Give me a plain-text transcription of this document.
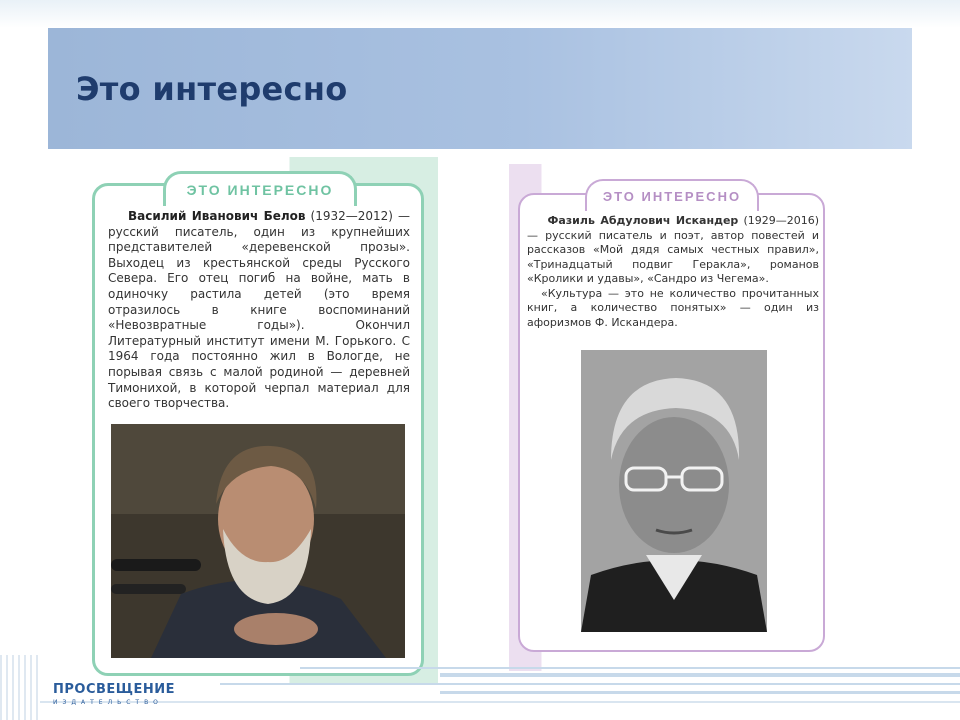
Это интересно
ЭТО ИНТЕРЕСНО

Василий Иванович Белов (1932—2012) — русский писатель, один из крупнейших представителей «деревенской прозы». Выходец из крестьянской среды Русского Севера. Его отец погиб на войне, мать в одиночку растила детей (это время отразилось в книге воспоминаний «Невозвратные годы»). Окончил Литературный институт имени М. Горького. С 1964 года постоянно жил в Вологде, не порывая связь с малой родиной — деревней Тимонихой, в которой черпал материал для своего творчества.

ЭТО ИНТЕРЕСНО

Фазиль Абдулович Искандер (1929—2016) — русский писатель и поэт, автор повестей и рассказов «Мой дядя самых честных правил», «Тринадцатый подвиг Геракла», романов «Кролики и удавы», «Сандро из Чегема».

«Культура — это не количество прочитанных книг, а количество понятых» — один из афоризмов Ф. Искандера.

ПРОСВЕЩЕНИЕ
ИЗДАТЕЛЬСТВО
